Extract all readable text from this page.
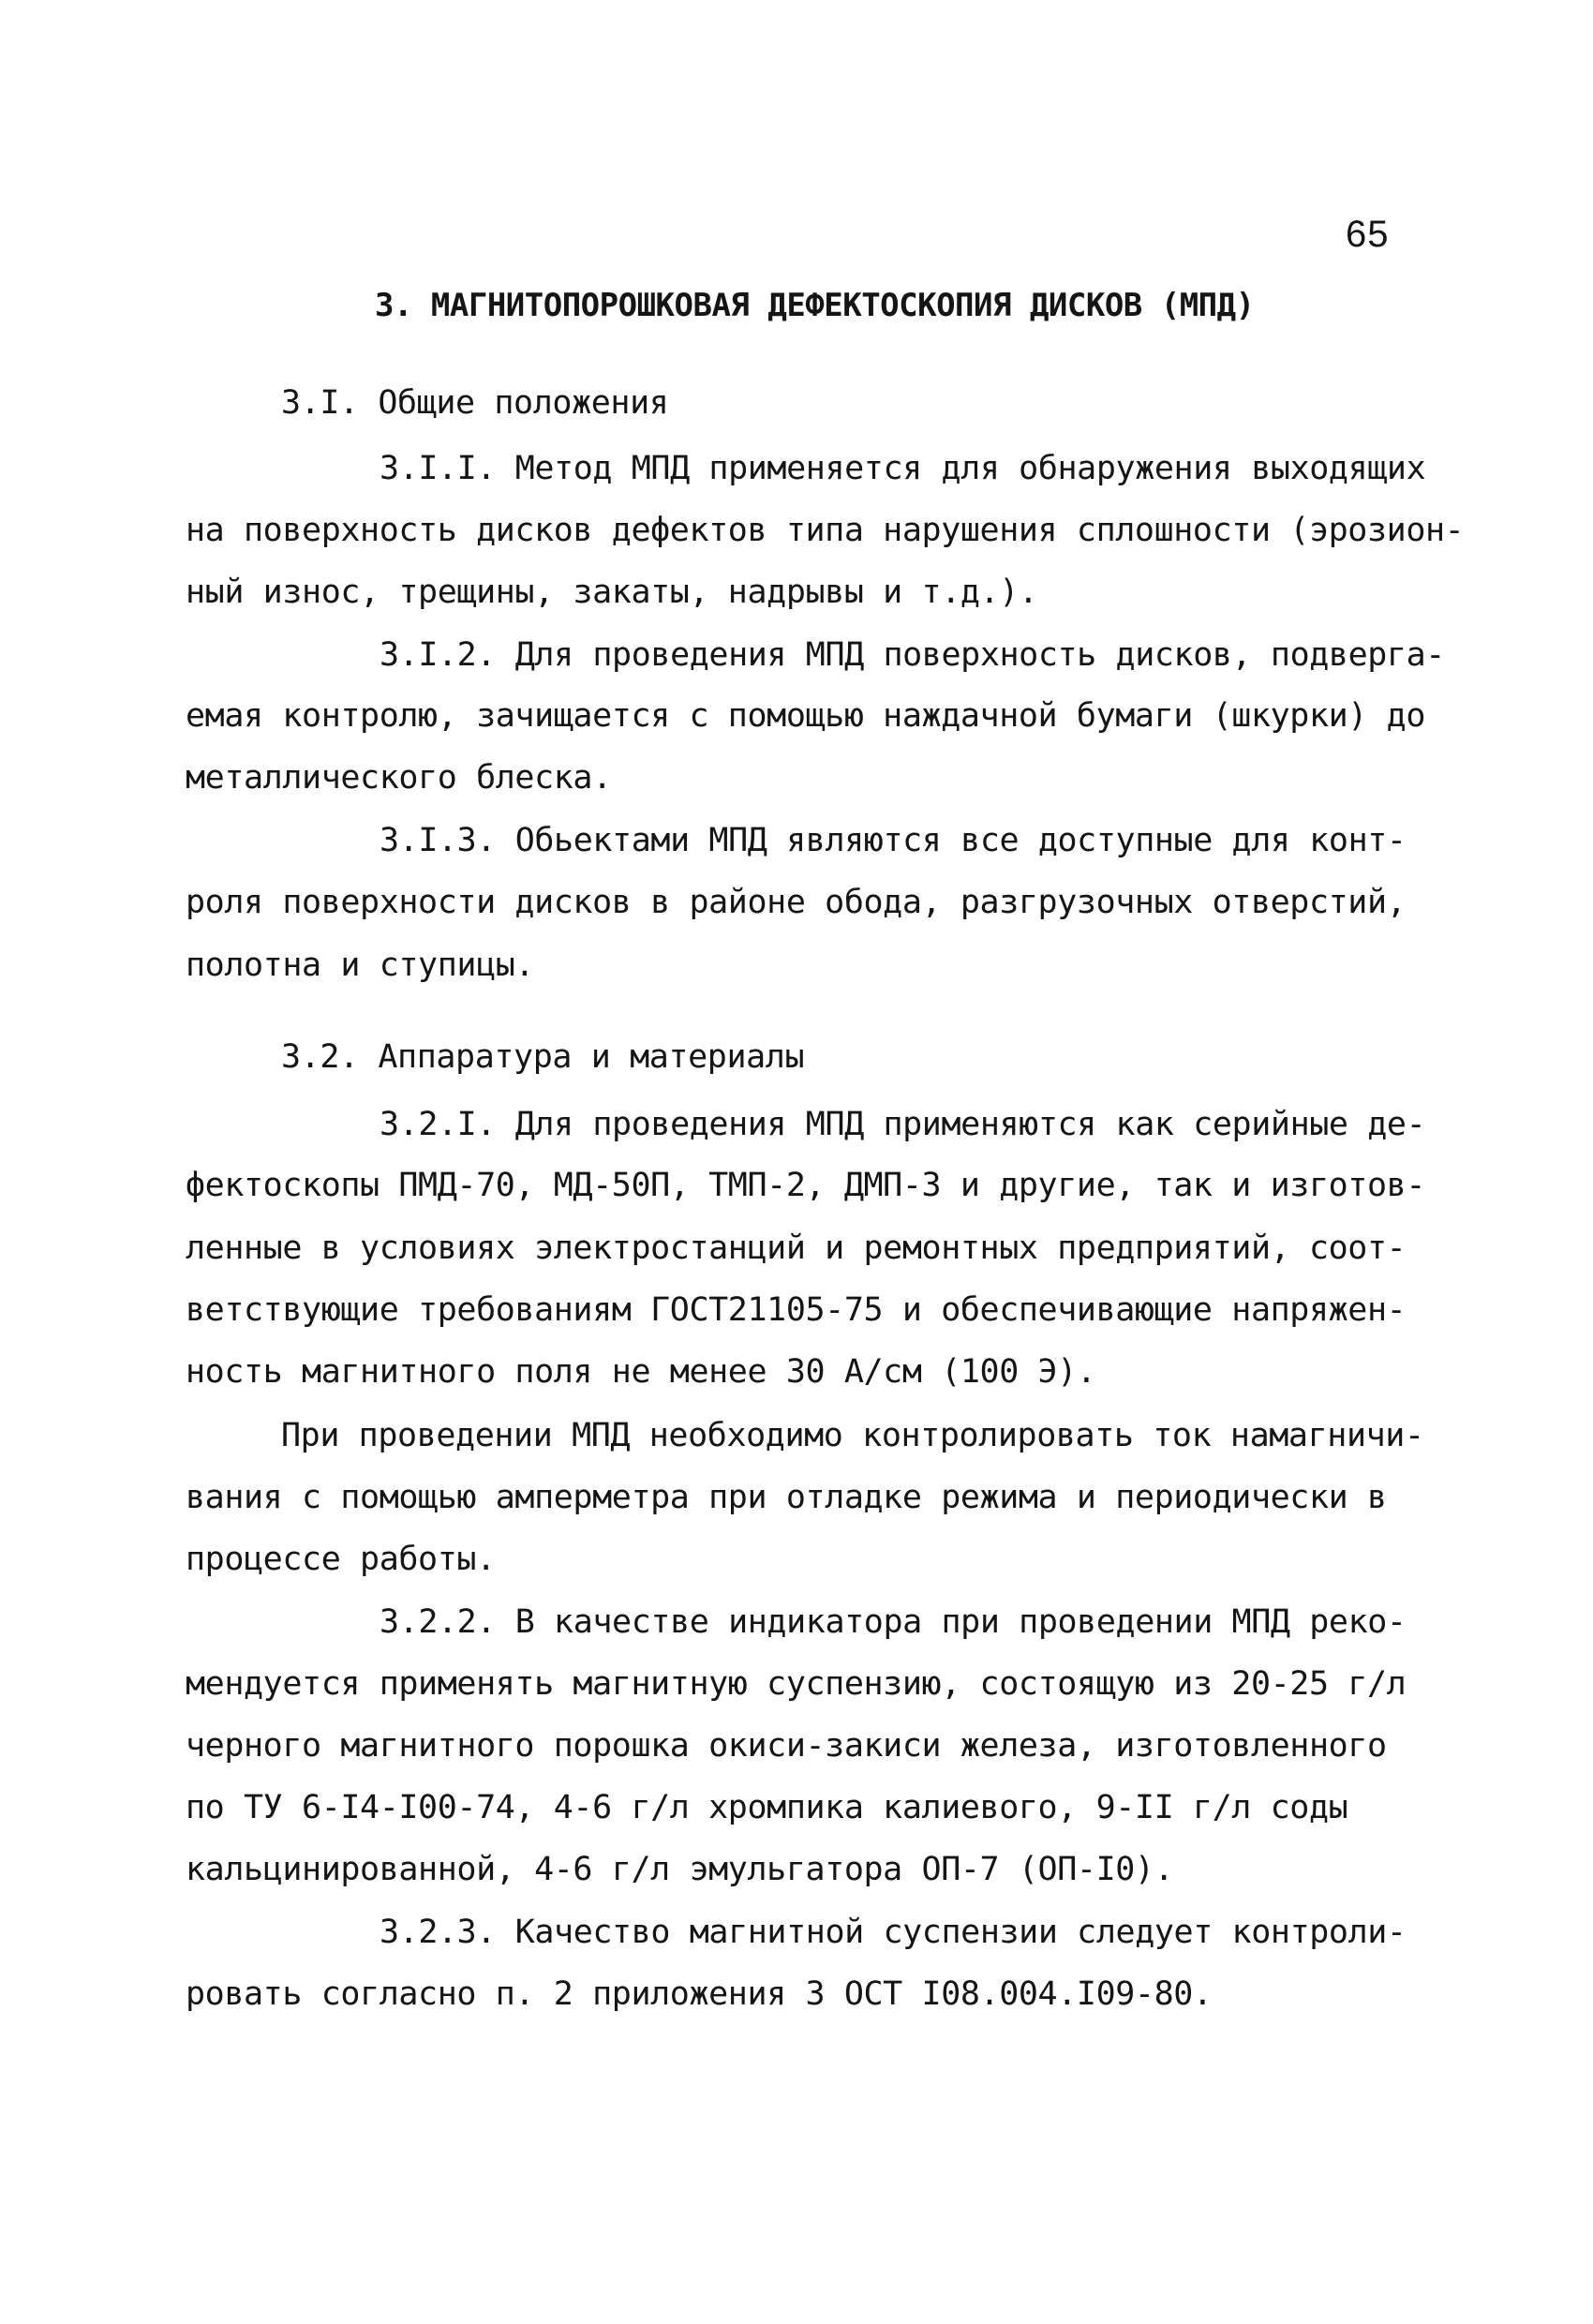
65
3. МАГНИТОПОРОШКОВАЯ ДЕФЕКТОСКОПИЯ ДИСКОВ (МПД)
3.I. Общие положения
3.I.I. Метод МПД применяется для обнаружения выходящих
на поверхность дисков дефектов типа нарушения сплошности (эрозион-
ный износ, трещины, закаты, надрывы и т.д.).
3.I.2. Для проведения МПД поверхность дисков, подверга-
емая контролю, зачищается с помощью наждачной бумаги (шкурки) до
металлического блеска.
3.I.3. Обьектами МПД являются все доступные для конт-
роля поверхности дисков в районе обода, разгрузочных отверстий,
полотна и ступицы.
3.2. Аппаратура и материалы
3.2.I. Для проведения МПД применяются как серийные де-
фектоскопы ПМД-70, МД-50П, ТМП-2, ДМП-3 и другие, так и изготов-
ленные в условиях электростанций и ремонтных предприятий, соот-
ветствующие требованиям ГОСТ21105-75 и обеспечивающие напряжен-
ность магнитного поля не менее 30 А/см (100 Э).
При проведении МПД необходимо контролировать ток намагничи-
вания с помощью амперметра при отладке режима и периодически в
процессе работы.
3.2.2. В качестве индикатора при проведении МПД реко-
мендуется применять магнитную суспензию, состоящую из 20-25 г/л
черного магнитного порошка окиси-закиси железа, изготовленного
по ТУ 6-I4-I00-74, 4-6 г/л хромпика калиевого, 9-II г/л соды
кальцинированной, 4-6 г/л эмульгатора ОП-7 (ОП-I0).
3.2.3. Качество магнитной суспензии следует контроли-
ровать согласно п. 2 приложения 3 ОСТ I08.004.I09-80.
